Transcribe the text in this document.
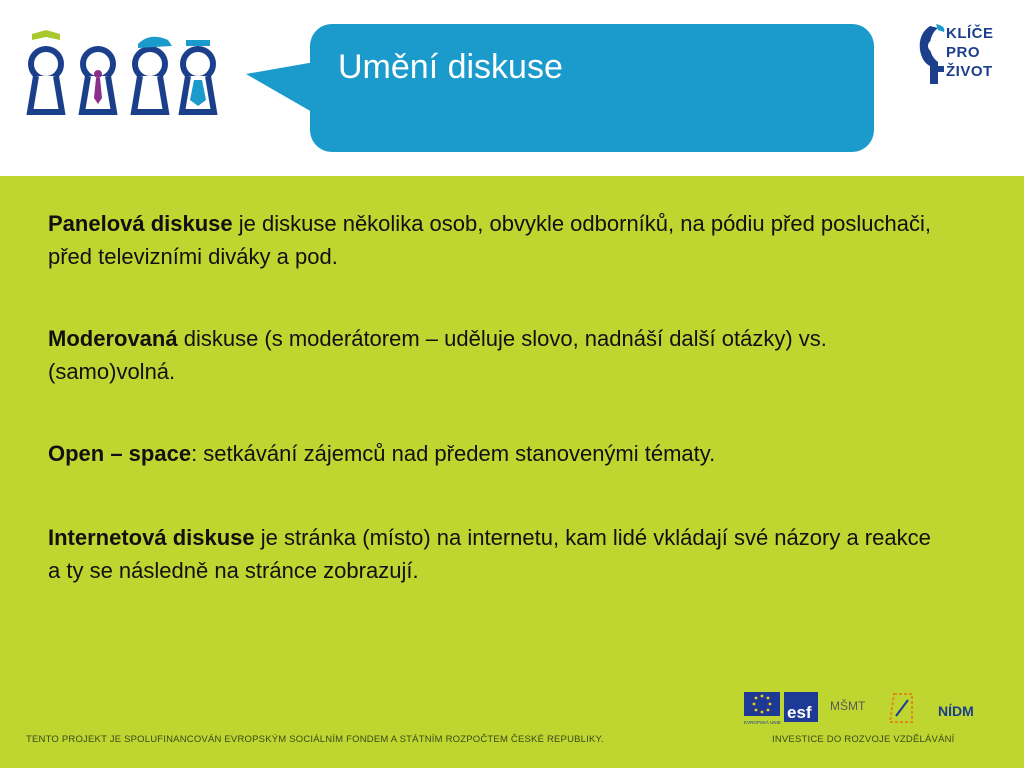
Umění diskuse
KLÍČE
PRO
ŽIVOT

Panelová diskuse je diskuse několika osob, obvykle odborníků, na pódiu před posluchači, před televizními diváky a pod.

Moderovaná diskuse (s moderátorem – uděluje slovo, nadnáší další otázky) vs. (samo)volná.

Open – space: setkávání zájemců nad předem stanovenými tématy.

Internetová diskuse je stránka (místo) na internetu, kam lidé vkládají své názory a reakce a ty se následně na stránce zobrazují.

EVROPSKÁ UNIE
esf MŠMT	NÍDM
TENTO PROJEKT JE SPOLUFINANCOVÁN EVROPSKÝM SOCIÁLNÍM FONDEM A STÁTNÍM ROZPOČTEM ČESKÉ REPUBLIKY.	INVESTICE DO ROZVOJE VZDĚLÁVÁNÍ
